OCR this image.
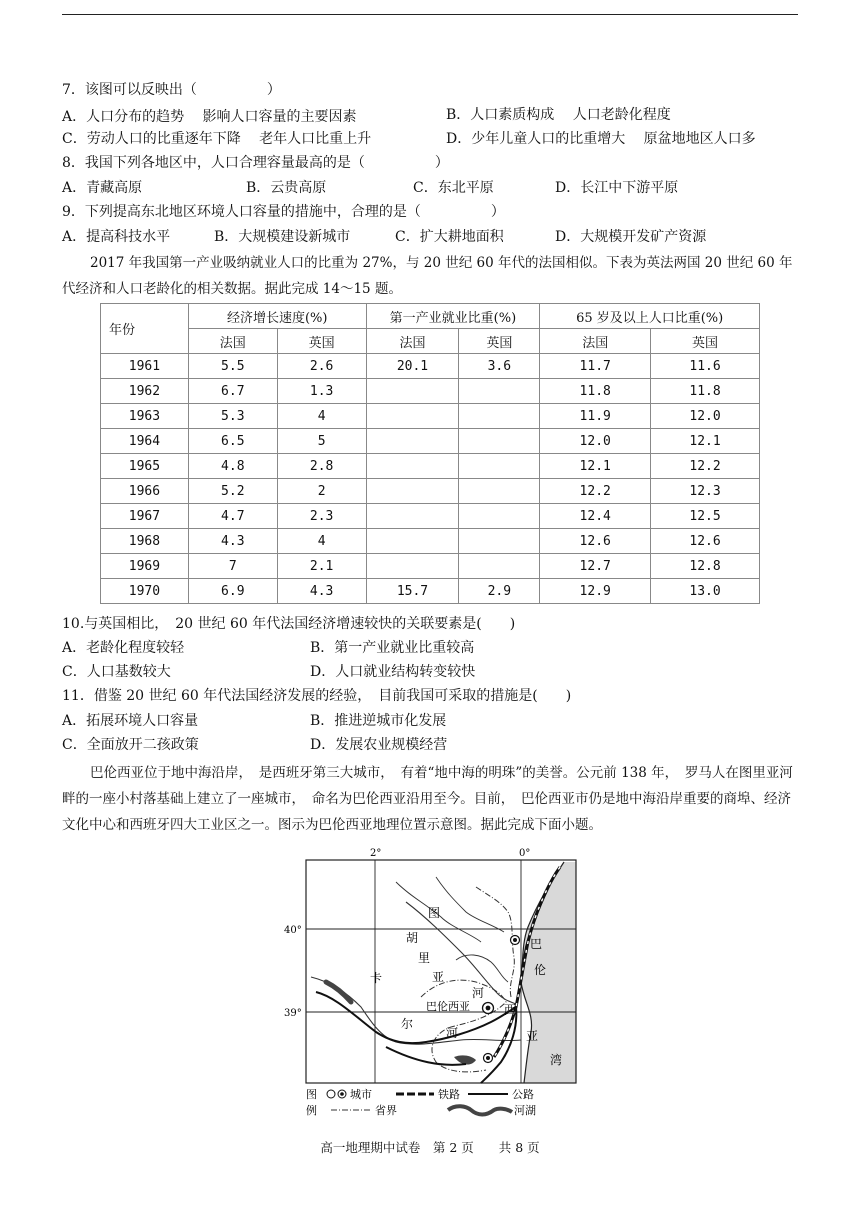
7．该图可以反映出（　　　　　）
A．人口分布的趋势　 影响人口容量的主要因素	B．人口素质构成　 人口老龄化程度
C．劳动人口的比重逐年下降　 老年人口比重上升	D．少年儿童人口的比重增大　 原盆地地区人口多
8．我国下列各地区中，人口合理容量最高的是（　　　　　）
A．青藏高原	B．云贵高原	C．东北平原	D．长江中下游平原
9．下列提高东北地区环境人口容量的措施中，合理的是（　　　　　）
A．提高科技水平	B．大规模建设新城市	C．扩大耕地面积	D．大规模开发矿产资源
2017 年我国第一产业吸纳就业人口的比重为 27%，与 20 世纪 60 年代的法国相似。下表为英法两国 20 世纪 60 年代经济和人口老龄化的相关数据。据此完成 14～15 题。
年份	经济增长速度(%)		第一产业就业比重(%)		65 岁及以上人口比重(%)	
	法国	英国	法国	英国	法国	英国
1961	5.5	2.6	20.1	3.6	11.7	11.6
1962	6.7	1.3			11.8	11.8
1963	5.3	4			11.9	12.0
1964	6.5	5			12.0	12.1
1965	4.8	2.8			12.1	12.2
1966	5.2	2			12.2	12.3
1967	4.7	2.3			12.4	12.5
1968	4.3	4			12.6	12.6
1969	7	2.1			12.7	12.8
1970	6.9	4.3	15.7	2.9	12.9	13.0
10.与英国相比，　20 世纪 60 年代法国经济增速较快的关联要素是(　　)
A．老龄化程度较轻	B．第一产业就业比重较高
C．人口基数较大	D．人口就业结构转变较快
11．借鉴 20 世纪 60 年代法国经济发展的经验，　目前我国可采取的措施是(　　)
A．拓展环境人口容量	B．推进逆城市化发展
C．全面放开二孩政策	D．发展农业规模经营
巴伦西亚位于地中海沿岸，　是西班牙第三大城市，　有着“地中海的明珠”的美誉。公元前 138 年，　罗马人在图里亚河畔的一座小村落基础上建立了一座城市，　命名为巴伦西亚沿用至今。目前，　巴伦西亚市仍是地中海沿岸重要的商埠、经济文化中心和西班牙四大工业区之一。图示为巴伦西亚地理位置示意图。据此完成下面小题。
2°	0°
40°
39°
图
胡
里
亚
河
卡
尔
河
巴伦西亚
巴
伦
西
亚
湾
图
例
城市	铁路	公路
省界	河湖
高一地理期中试卷　第 2 页　　共 8 页
